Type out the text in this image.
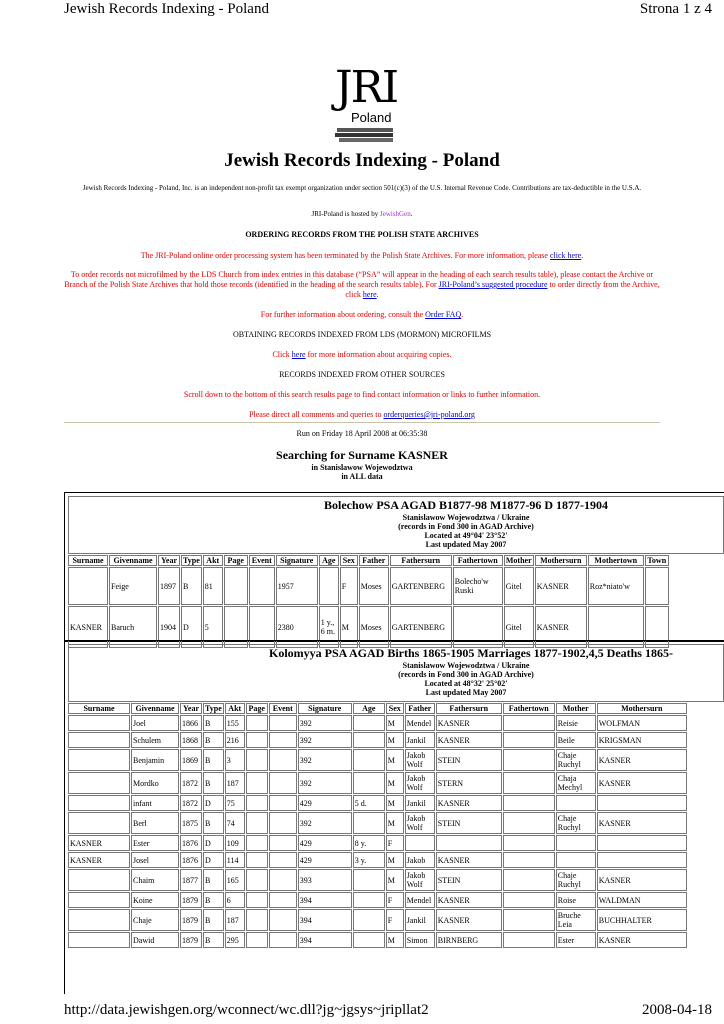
Jewish Records Indexing - Poland	Strona 1 z 4
JRI
Poland
Jewish Records Indexing - Poland
Jewish Records Indexing - Poland, Inc. is an independent non-profit tax exempt organization under section 501(c)(3) of the U.S. Internal Revenue Code. Contributions are tax-deductible in the U.S.A.
JRI-Poland is hosted by JewishGen.
ORDERING RECORDS FROM THE POLISH STATE ARCHIVES
The JRI-Poland online order processing system has been terminated by the Polish State Archives. For more information, please click here.
To order records not microfilmed by the LDS Church from index entries in this database (“PSA” will appear in the heading of each search results table), please contact the Archive or Branch of the Polish State Archives that hold those records (identified in the heading of the search results table). For JRI-Poland’s suggested procedure to order directly from the Archive, click here.
For further information about ordering, consult the Order FAQ.
OBTAINING RECORDS INDEXED FROM LDS (MORMON) MICROFILMS
Click here for more information about acquiring copies.
RECORDS INDEXED FROM OTHER SOURCES
Scroll down to the bottom of this search results page to find contact information or links to further information.
Please direct all comments and queries to orderqueries@jri-poland.org
Run on Friday 18 April 2008 at 06:35:38
Searching for Surname KASNER
in Stanislawow Wojewodztwa
in ALL data
Bolechow PSA AGAD B1877-98 M1877-96 D 1877-1904
Stanislawow Wojewodztwa / Ukraine
(records in Fond 300 in AGAD Archive)
Located at 49°04' 23°52'
Last updated May 2007
Surname	Givenname	Year	Type	Akt	Page	Event	Signature	Age	Sex	Father	Fathersurn	Fathertown	Mother	Mothersurn	Mothertown	Town
	Feige	1897	B	81			1957		F	Moses	GARTENBERG	Bolecho'w Ruski	Gitel	KASNER	Roz*niato'w	
KASNER	Baruch	1904	D	5			2380	1 y., 6 m.	M	Moses	GARTENBERG		Gitel	KASNER		
Kolomyya PSA AGAD Births 1865-1905 Marriages 1877-1902,4,5 Deaths 1865-
Stanislawow Wojewodztwa / Ukraine
(records in Fond 300 in AGAD Archive)
Located at 48°32' 25°02'
Last updated May 2007
Surname	Givenname	Year	Type	Akt	Page	Event	Signature	Age	Sex	Father	Fathersurn	Fathertown	Mother	Mothersurn
	Joel	1866	B	155			392		M	Mendel	KASNER		Reisie	WOLFMAN
	Schulem	1868	B	216			392		M	Jankil	KASNER		Beile	KRIGSMAN
	Benjamin	1869	B	3			392		M	Jakob Wolf	STEIN		Chaje Ruchyl	KASNER
	Mordko	1872	B	187			392		M	Jakob Wolf	STERN		Chaja Mechyl	KASNER
	infant	1872	D	75			429	5 d.	M	Jankil	KASNER			
	Berl	1875	B	74			392		M	Jakob Wolf	STEIN		Chaje Ruchyl	KASNER
KASNER	Ester	1876	D	109			429	8 y.	F					
KASNER	Josel	1876	D	114			429	3 y.	M	Jakob	KASNER			
	Chaim	1877	B	165			393		M	Jakob Wolf	STEIN		Chaje Ruchyl	KASNER
	Koine	1879	B	6			394		F	Mendel	KASNER		Roise	WALDMAN
	Chaje	1879	B	187			394		F	Jankil	KASNER		Bruche Leia	BUCHHALTER
	Dawid	1879	B	295			394		M	Simon	BIRNBERG		Ester	KASNER
http://data.jewishgen.org/wconnect/wc.dll?jg~jgsys~jripllat2	2008-04-18
